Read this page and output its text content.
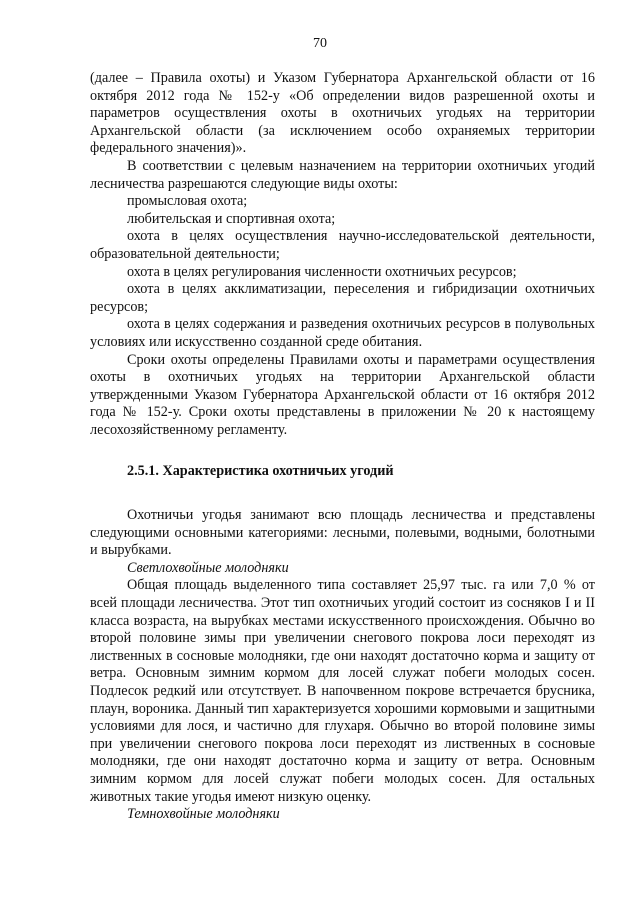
70

(далее – Правила охоты) и Указом Губернатора Архангельской области от 16 октября 2012 года № 152-у «Об определении видов разрешенной охоты и параметров осуществления охоты в охотничьих угодьях на территории Архангельской области (за исключением особо охраняемых территории федерального значения)».

В соответствии с целевым назначением на территории охотничьих угодий лесничества разрешаются следующие виды охоты:

промысловая охота;

любительская и спортивная охота;

охота в целях осуществления научно-исследовательской деятельности, образовательной деятельности;

охота в целях регулирования численности охотничьих ресурсов;

охота в целях акклиматизации, переселения и гибридизации охотничьих ресурсов;

охота в целях содержания и разведения охотничьих ресурсов в полувольных условиях или искусственно созданной среде обитания.

Сроки охоты определены Правилами охоты и параметрами осуществления охоты в охотничьих угодьях на территории Архангельской области утвержденными Указом Губернатора Архангельской области от 16 октября 2012 года № 152-у. Сроки охоты представлены в приложении № 20 к настоящему лесохозяйственному регламенту.

2.5.1. Характеристика охотничьих угодий

Охотничьи угодья занимают всю площадь лесничества и представлены следующими основными категориями: лесными, полевыми, водными, болотными и вырубками.

Светлохвойные молодняки

Общая площадь выделенного типа составляет 25,97 тыс. га или 7,0 % от всей площади лесничества. Этот тип охотничьих угодий состоит из сосняков I и II класса возраста, на вырубках местами искусственного происхождения. Обычно во второй половине зимы при увеличении снегового покрова лоси переходят из лиственных в сосновые молодняки, где они находят достаточно корма и защиту от ветра. Основным зимним кормом для лосей служат побеги молодых сосен. Подлесок редкий или отсутствует. В напочвенном покрове встречается брусника, плаун, вороника. Данный тип характеризуется хорошими кормовыми и защитными условиями для лося, и частично для глухаря. Обычно во второй половине зимы при увеличении снегового покрова лоси переходят из лиственных в сосновые молодняки, где они находят достаточно корма и защиту от ветра. Основным зимним кормом для лосей служат побеги молодых сосен. Для остальных животных такие угодья имеют низкую оценку.

Темнохвойные молодняки
